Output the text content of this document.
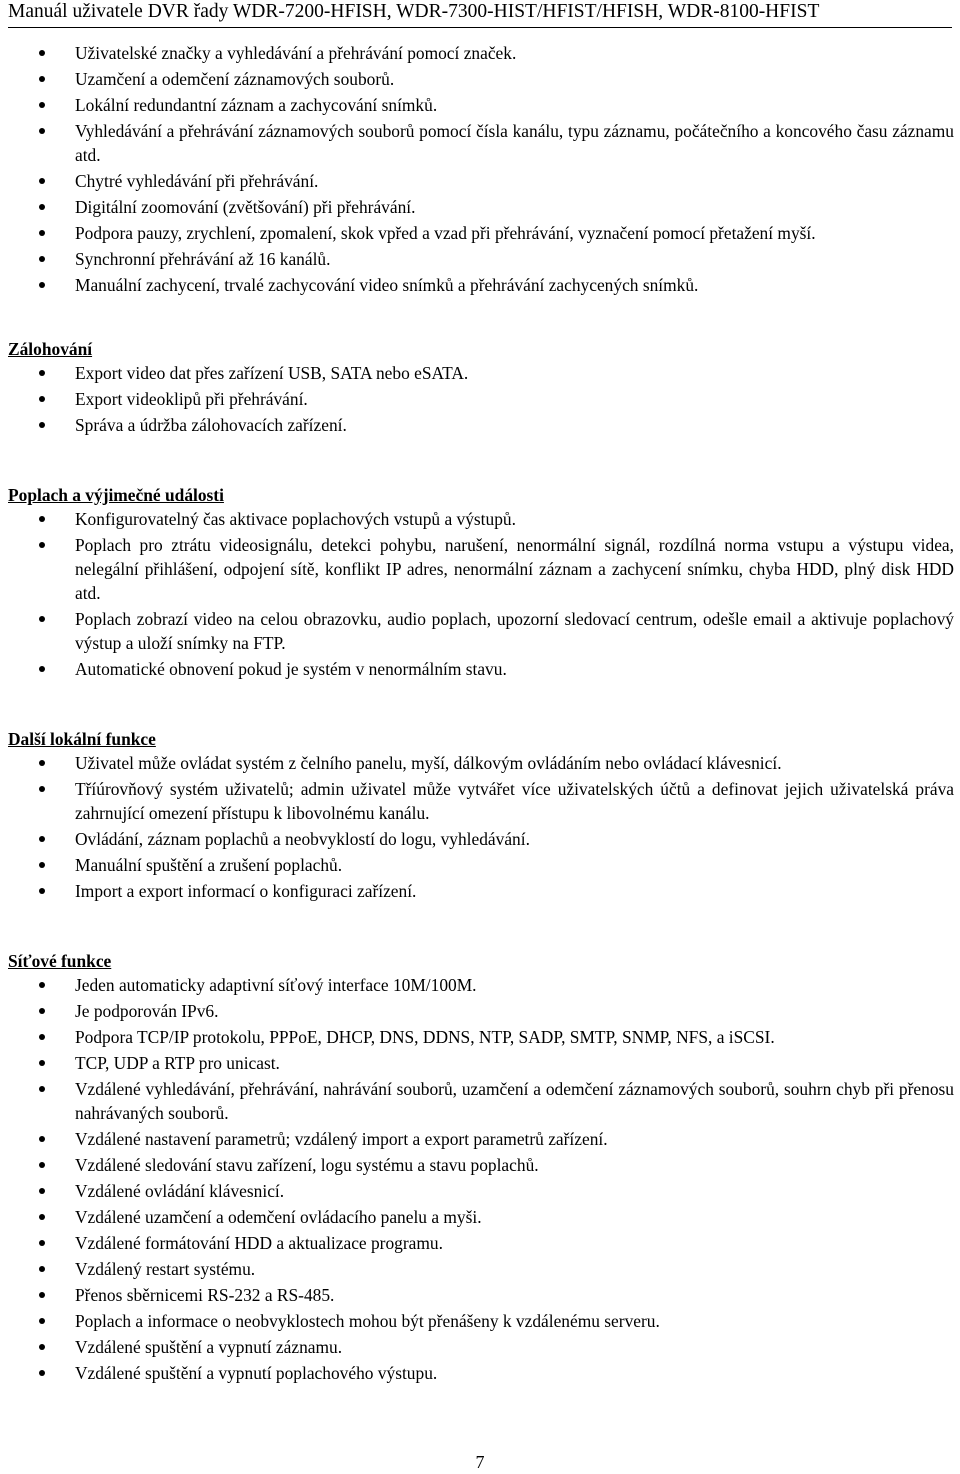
Manuál uživatele DVR řady WDR-7200-HFISH, WDR-7300-HIST/HFIST/HFISH, WDR-8100-HFIST
Uživatelské značky a vyhledávání a přehrávání pomocí značek.
Uzamčení a odemčení záznamových souborů.
Lokální redundantní záznam a zachycování snímků.
Vyhledávání a přehrávání záznamových souborů pomocí čísla kanálu, typu záznamu, počátečního a koncového času záznamu atd.
Chytré vyhledávání při přehrávání.
Digitální zoomování (zvětšování) při přehrávání.
Podpora pauzy, zrychlení, zpomalení, skok vpřed a vzad při přehrávání, vyznačení pomocí přetažení myší.
Synchronní přehrávání až 16 kanálů.
Manuální zachycení, trvalé zachycování video snímků a přehrávání zachycených snímků.
Zálohování
Export video dat přes zařízení USB, SATA nebo eSATA.
Export videoklipů při přehrávání.
Správa a údržba zálohovacích zařízení.
Poplach a výjimečné události
Konfigurovatelný čas aktivace poplachových vstupů a výstupů.
Poplach pro ztrátu videosignálu, detekci pohybu, narušení, nenormální signál, rozdílná norma vstupu a výstupu videa, nelegální přihlášení, odpojení sítě, konflikt IP adres, nenormální záznam a zachycení snímku, chyba HDD, plný disk HDD atd.
Poplach zobrazí video na celou obrazovku, audio poplach, upozorní sledovací centrum, odešle email a aktivuje poplachový výstup a uloží snímky na FTP.
Automatické obnovení pokud je systém v nenormálním stavu.
Další lokální funkce
Uživatel může ovládat systém z čelního panelu, myší, dálkovým ovládáním nebo ovládací klávesnicí.
Tříúrovňový systém uživatelů; admin uživatel může vytvářet více uživatelských účtů a definovat jejich uživatelská práva zahrnující omezení přístupu k libovolnému kanálu.
Ovládání, záznam poplachů a neobvyklostí do logu, vyhledávání.
Manuální spuštění a zrušení poplachů.
Import a export informací o konfiguraci zařízení.
Síťové funkce
Jeden automaticky adaptivní síťový interface 10M/100M.
Je podporován IPv6.
Podpora TCP/IP protokolu, PPPoE, DHCP, DNS, DDNS, NTP, SADP, SMTP, SNMP, NFS, a iSCSI.
TCP, UDP a RTP pro unicast.
Vzdálené vyhledávání, přehrávání, nahrávání souborů, uzamčení a odemčení záznamových souborů, souhrn chyb při přenosu nahrávaných souborů.
Vzdálené nastavení parametrů; vzdálený import a export parametrů zařízení.
Vzdálené sledování stavu zařízení, logu systému a stavu poplachů.
Vzdálené ovládání klávesnicí.
Vzdálené uzamčení a odemčení ovládacího panelu a myši.
Vzdálené formátování HDD a aktualizace programu.
Vzdálený restart systému.
Přenos sběrnicemi RS-232 a RS-485.
Poplach a informace o neobvyklostech mohou být přenášeny k vzdálenému serveru.
Vzdálené spuštění a vypnutí záznamu.
Vzdálené spuštění a vypnutí poplachového výstupu.
7
